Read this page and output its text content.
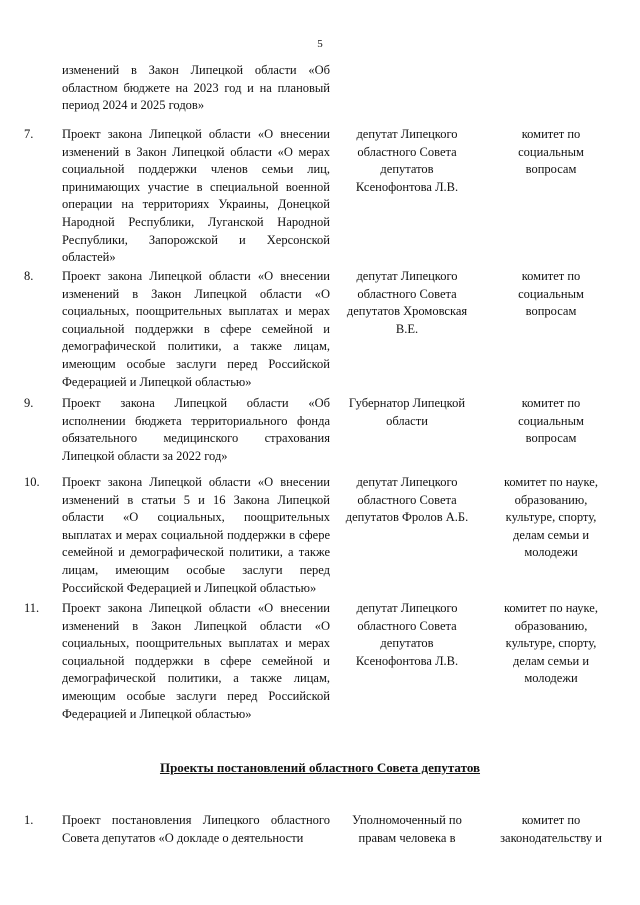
5
изменений в Закон Липецкой области «Об областном бюджете на 2023 год и на плановый период 2024 и 2025 годов»
7. Проект закона Липецкой области «О внесении изменений в Закон Липецкой области «О мерах социальной поддержки членов семьи лиц, принимающих участие в специальной военной операции на территориях Украины, Донецкой Народной Республики, Луганской Народной Республики, Запорожской и Херсонской областей»
депутат Липецкого областного Совета депутатов Ксенофонтова Л.В.
комитет по социальным вопросам
8. Проект закона Липецкой области «О внесении изменений в Закон Липецкой области «О социальных, поощрительных выплатах и мерах социальной поддержки в сфере семейной и демографической политики, а также лицам, имеющим особые заслуги перед Российской Федерацией и Липецкой областью»
депутат Липецкого областного Совета депутатов Хромовская В.Е.
комитет по социальным вопросам
9. Проект закона Липецкой области «Об исполнении бюджета территориального фонда обязательного медицинского страхования Липецкой области за 2022 год»
Губернатор Липецкой области
комитет по социальным вопросам
10. Проект закона Липецкой области «О внесении изменений в статьи 5 и 16 Закона Липецкой области «О социальных, поощрительных выплатах и мерах социальной поддержки в сфере семейной и демографической политики, а также лицам, имеющим особые заслуги перед Российской Федерацией и Липецкой областью»
депутат Липецкого областного Совета депутатов Фролов А.Б.
комитет по науке, образованию, культуре, спорту, делам семьи и молодежи
11. Проект закона Липецкой области «О внесении изменений в Закон Липецкой области «О социальных, поощрительных выплатах и мерах социальной поддержки в сфере семейной и демографической политики, а также лицам, имеющим особые заслуги перед Российской Федерацией и Липецкой областью»
депутат Липецкого областного Совета депутатов Ксенофонтова Л.В.
комитет по науке, образованию, культуре, спорту, делам семьи и молодежи
Проекты постановлений областного Совета депутатов
1. Проект постановления Липецкого областного Совета депутатов «О докладе о деятельности
Уполномоченный по правам человека в
комитет по законодательству и
